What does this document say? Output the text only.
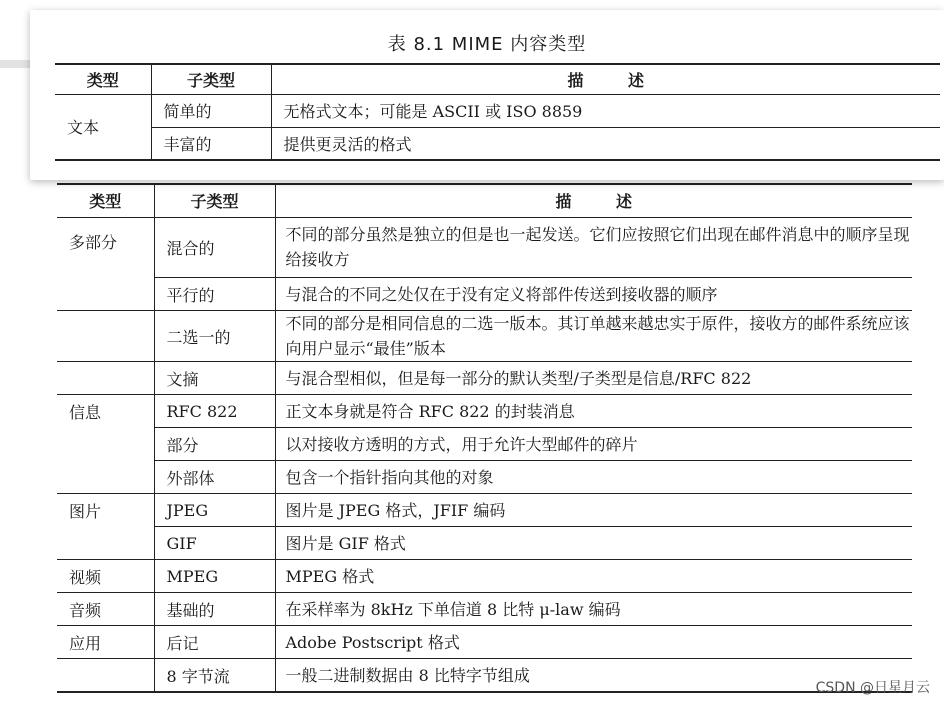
表 8.1 MIME 内容类型
类型	子类型	描        述
文本	简单的	无格式文本；可能是 ASCII 或 ISO 8859
	丰富的	提供更灵活的格式
类型	子类型	描        述
多部分	混合的	不同的部分虽然是独立的但是也一起发送。它们应按照它们出现在邮件消息中的顺序呈现给接收方
	平行的	与混合的不同之处仅在于没有定义将部件传送到接收器的顺序
	二选一的	不同的部分是相同信息的二选一版本。其订单越来越忠实于原件，接收方的邮件系统应该向用户显示“最佳”版本
	文摘	与混合型相似，但是每一部分的默认类型/子类型是信息/RFC 822
信息	RFC 822	正文本身就是符合 RFC 822 的封装消息
	部分	以对接收方透明的方式，用于允许大型邮件的碎片
	外部体	包含一个指针指向其他的对象
图片	JPEG	图片是 JPEG 格式，JFIF 编码
	GIF	图片是 GIF 格式
视频	MPEG	MPEG 格式
音频	基础的	在采样率为 8kHz 下单信道 8 比特 μ-law 编码
应用	后记	Adobe Postscript 格式
	8 字节流	一般二进制数据由 8 比特字节组成
CSDN @日星月云
